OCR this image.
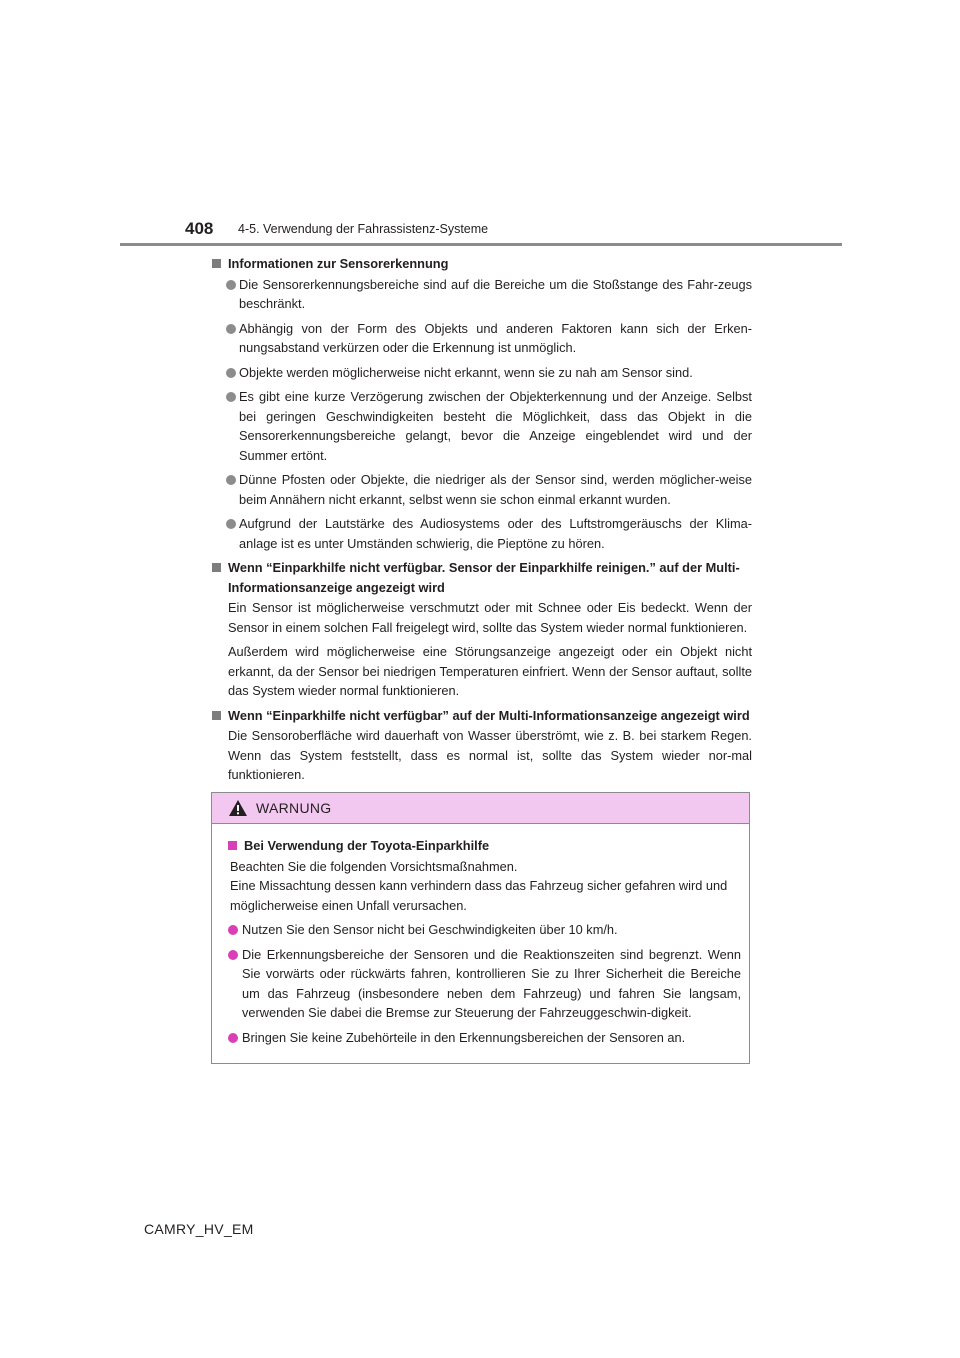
408 4-5. Verwendung der Fahrassistenz-Systeme
Informationen zur Sensorerkennung
Die Sensorerkennungsbereiche sind auf die Bereiche um die Stoßstange des Fahr-zeugs beschränkt.
Abhängig von der Form des Objekts und anderen Faktoren kann sich der Erken-nungsabstand verkürzen oder die Erkennung ist unmöglich.
Objekte werden möglicherweise nicht erkannt, wenn sie zu nah am Sensor sind.
Es gibt eine kurze Verzögerung zwischen der Objekterkennung und der Anzeige. Selbst bei geringen Geschwindigkeiten besteht die Möglichkeit, dass das Objekt in die Sensorerkennungsbereiche gelangt, bevor die Anzeige eingeblendet wird und der Summer ertönt.
Dünne Pfosten oder Objekte, die niedriger als der Sensor sind, werden möglicher-weise beim Annähern nicht erkannt, selbst wenn sie schon einmal erkannt wurden.
Aufgrund der Lautstärke des Audiosystems oder des Luftstromgeräuschs der Klima-anlage ist es unter Umständen schwierig, die Pieptöne zu hören.
Wenn “Einparkhilfe nicht verfügbar. Sensor der Einparkhilfe reinigen.” auf der Multi-Informationsanzeige angezeigt wird
Ein Sensor ist möglicherweise verschmutzt oder mit Schnee oder Eis bedeckt. Wenn der Sensor in einem solchen Fall freigelegt wird, sollte das System wieder normal funktionieren.
Außerdem wird möglicherweise eine Störungsanzeige angezeigt oder ein Objekt nicht erkannt, da der Sensor bei niedrigen Temperaturen einfriert. Wenn der Sensor auftaut, sollte das System wieder normal funktionieren.
Wenn “Einparkhilfe nicht verfügbar” auf der Multi-Informationsanzeige angezeigt wird
Die Sensoroberfläche wird dauerhaft von Wasser überströmt, wie z. B. bei starkem Regen. Wenn das System feststellt, dass es normal ist, sollte das System wieder nor-mal funktionieren.
WARNUNG
Bei Verwendung der Toyota-Einparkhilfe
Beachten Sie die folgenden Vorsichtsmaßnahmen.
Eine Missachtung dessen kann verhindern dass das Fahrzeug sicher gefahren wird und möglicherweise einen Unfall verursachen.
Nutzen Sie den Sensor nicht bei Geschwindigkeiten über 10 km/h.
Die Erkennungsbereiche der Sensoren und die Reaktionszeiten sind begrenzt. Wenn Sie vorwärts oder rückwärts fahren, kontrollieren Sie zu Ihrer Sicherheit die Bereiche um das Fahrzeug (insbesondere neben dem Fahrzeug) und fahren Sie langsam, verwenden Sie dabei die Bremse zur Steuerung der Fahrzeuggeschwin-digkeit.
Bringen Sie keine Zubehörteile in den Erkennungsbereichen der Sensoren an.
CAMRY_HV_EM
